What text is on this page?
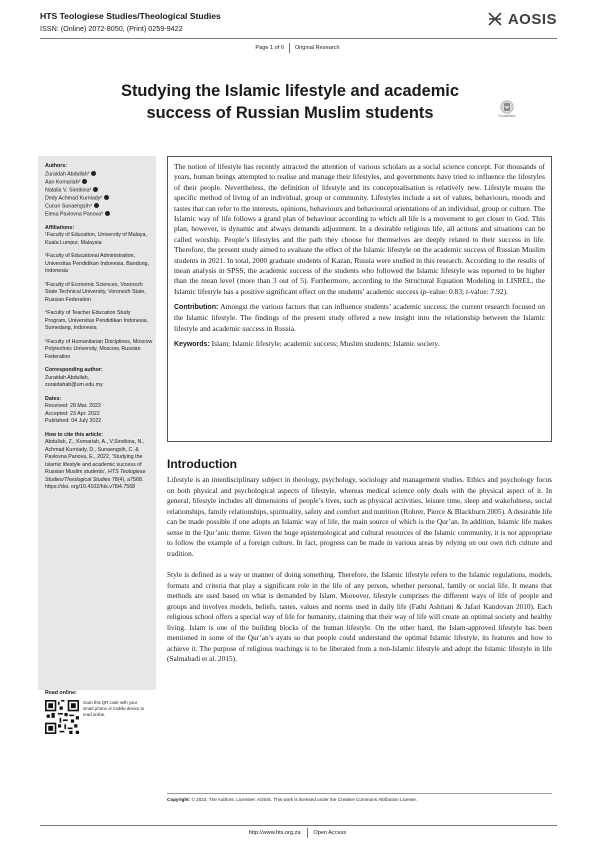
HTS Teologiese Studies/Theological Studies
ISSN: (Online) 2072-8050, (Print) 0259-9422
AOSIS
Page 1 of 6 Original Research
Studying the Islamic lifestyle and academic
success of Russian Muslim students	CrossMark
Authors:
Zuraidah Abdullah¹
Aan Komariah²
Natalia V. Sirotkina³
Dedy Achmad Kurniady²
Cucun Sunaengsih⁴
Elena Pavlovna Panova⁵
Affiliations:
¹Faculty of Education, University of Malaya, Kuala Lumpur, Malaysia
²Faculty of Educational Administration, Universitas Pendidikan Indonesia, Bandung, Indonesia
³Faculty of Economic Sciences, Voronezh State Technical University, Voronezh State, Russian Federation
⁴Faculty of Teacher Education Study Program, Universitas Pendidikan Indonesia, Sumedang, Indonesia
⁵Faculty of Humanitarian Disciplines, Moscow Polytechnic University, Moscow, Russian Federation
Corresponding author:
Zuraidah Abdullah,
zuraidahab@um.edu.my
Dates:
Received: 28 Mar. 2022
Accepted: 23 Apr. 2022
Published: 04 July 2022
How to cite this article:
Abdullah, Z., Komariah, A., V.Sirotkina, N., Achmad Kurniady, D., Sunaengsih, C. & Pavlovna Panova, E., 2022, ‘Studying the Islamic lifestyle and academic success of Russian Muslim students’, HTS Teologiese Studies/Theological Studies 78(4), a7568. https://doi. org/10.4102/hts.v78i4.7568
Read online:
Scan this QR code with your smart phone or mobile device to read online.

The notion of lifestyle has recently attracted the attention of various scholars as a social science concept. For thousands of years, human beings attempted to realise and manage their lifestyles, and governments have tried to influence the lifestyles of their people. Nevertheless, the definition of lifestyle and its conceptualisation is relatively new. Lifestyle means the specific method of living of an individual, group or community. Lifestyles include a set of values, behaviours, moods and tastes that can refer to the interests, opinions, behaviours and behavioural orientations of an individual, group or culture. The Islamic way of life follows a grand plan of behaviour according to which all life is a movement to get closer to God. This plan, however, is dynamic and always demands adjustment. In a desirable religious life, all actions and situations can be called worship. People’s lifestyles and the path they choose for themselves are deeply related to their success in life. Therefore, the present study aimed to evaluate the effect of the Islamic lifestyle on the academic success of Russian Muslim students in 2021. In total, 2000 graduate students of Kazan, Russia were studied in this research. According to the results of mean analysis in SPSS, the academic success of the students who followed the Islamic lifestyle was reported to be higher than the mean level (more than 3 out of 5). Furthermore, according to the Structural Equation Modeling in LISREL, the Islamic lifestyle has a positive significant effect on the students’ academic success (p-value: 0.83; t-value: 7.92).

Contribution: Amongst the various factors that can influence students’ academic success, the current research focused on the Islamic lifestyle. The findings of the present study offered a new insight into the relationship between the Islamic lifestyle and academic success in Russia.

Keywords: Islam; Islamic lifestyle; academic success; Muslim students; Islamic society.

Introduction

Lifestyle is an interdisciplinary subject in theology, psychology, sociology and management studies. Ethics and psychology focus on both physical and psychological aspects of lifestyle, whereas medical science only deals with the physical aspect of it. In general, lifestyle includes all dimensions of people’s lives, such as physical activities, leisure time, sleep and wakefulness, social relationships, family relationships, spirituality, safety and comfort and nutrition (Rohrer, Pierce & Blackburn 2005). A desirable life can be made possible if one adopts an Islamic way of life, the main source of which is the Qur’an. In addition, Islamic life makes sense in the Qur’anic theme. Given the huge epistemological and cultural resources of the Islamic community, it is not appropriate to follow the example of a foreign culture. In fact, progress can be made in various areas by relying on our own rich culture and tradition.

Style is defined as a way or manner of doing something. Therefore, the Islamic lifestyle refers to the Islamic regulations, models, formats and criteria that play a significant role in the life of any person, whether personal, family or social life. It means that methods are used based on what is demanded by Islam. Moreover, lifestyle comprises the different ways of life of people and groups and involves models, beliefs, tastes, values and norms used in daily life (Fathi Ashtiani & Jafari Kandovan 2010). Each religious school offers a special way of life for humanity, claiming that their way of life will create an optimal society and healthy living. Islam is one of the building blocks of the human lifestyle. On the other hand, the Islam-approved lifestyle has been mentioned in some of the Qur’an’s ayats so that people could understand the optimal Islamic lifestyle, its features and how to achieve it. The purpose of religious teachings is to be liberated from a non-Islamic lifestyle and adopt the Islamic lifestyle in life (Salmabadi et al. 2015).

Copyright: © 2022. The Authors. Licensee: AOSIS. This work is licensed under the Creative Commons Attribution License.
http://www.hts.org.za Open Access
